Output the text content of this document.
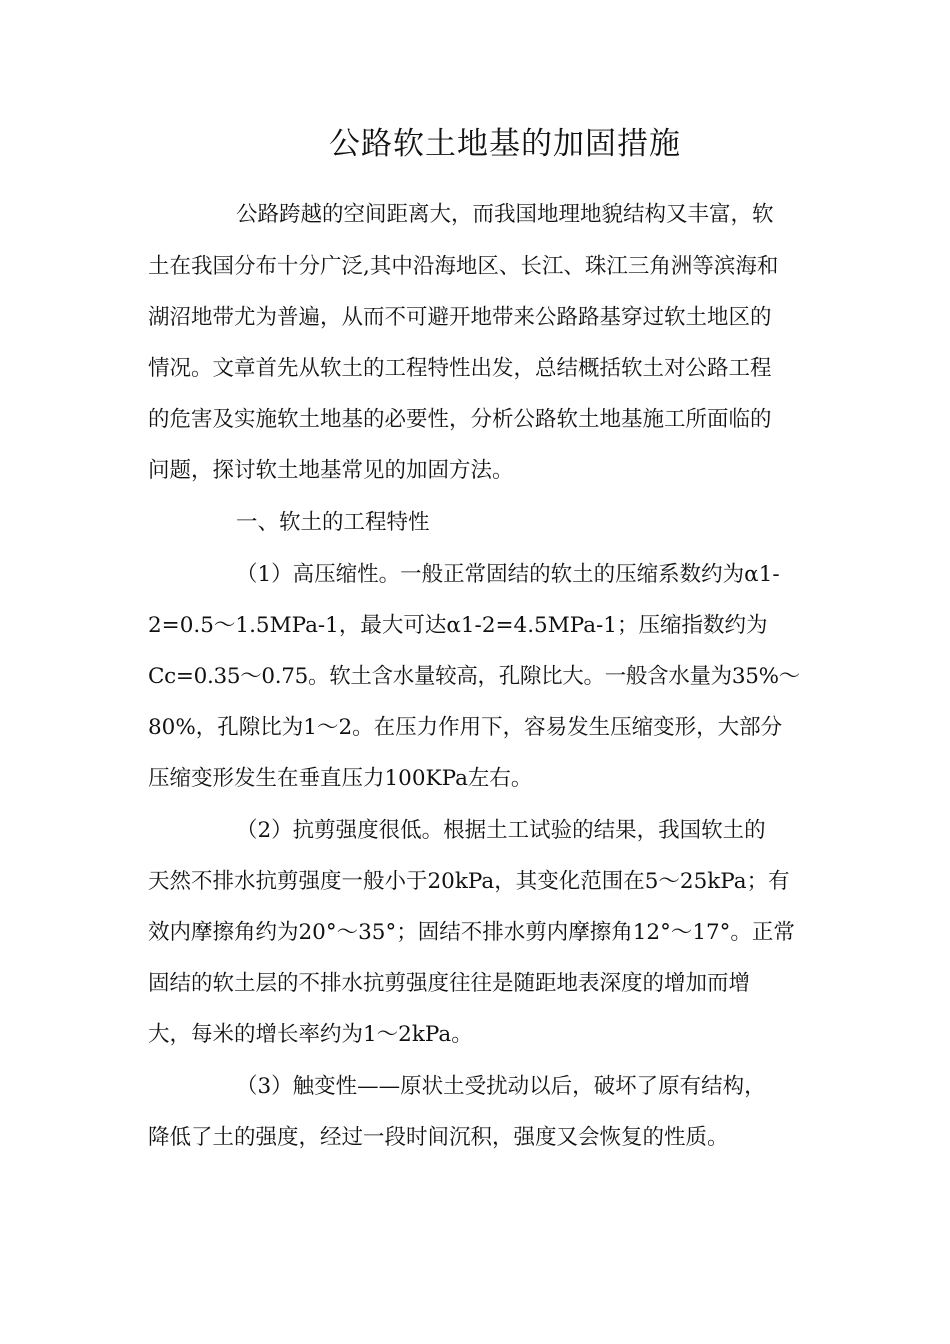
公路软土地基的加固措施
公路跨越的空间距离大，而我国地理地貌结构又丰富，软
土在我国分布十分广泛,其中沿海地区、长江、珠江三角洲等滨海和
湖沼地带尤为普遍，从而不可避开地带来公路路基穿过软土地区的
情况。文章首先从软土的工程特性出发，总结概括软土对公路工程
的危害及实施软土地基的必要性，分析公路软土地基施工所面临的
问题，探讨软土地基常见的加固方法。
一、软土的工程特性
（1）高压缩性。一般正常固结的软土的压缩系数约为α1-
2=0.5～1.5MPa-1，最大可达α1-2=4.5MPa-1；压缩指数约为
Cc=0.35～0.75。软土含水量较高，孔隙比大。一般含水量为35%～
80%，孔隙比为1～2。在压力作用下，容易发生压缩变形，大部分
压缩变形发生在垂直压力100KPa左右。
（2）抗剪强度很低。根据土工试验的结果，我国软土的
天然不排水抗剪强度一般小于20kPa，其变化范围在5～25kPa；有
效内摩擦角约为20°～35°；固结不排水剪内摩擦角12°～17°。正常
固结的软土层的不排水抗剪强度往往是随距地表深度的增加而增
大，每米的增长率约为1～2kPa。
（3）触变性——原状土受扰动以后，破坏了原有结构，
降低了土的强度，经过一段时间沉积，强度又会恢复的性质。
